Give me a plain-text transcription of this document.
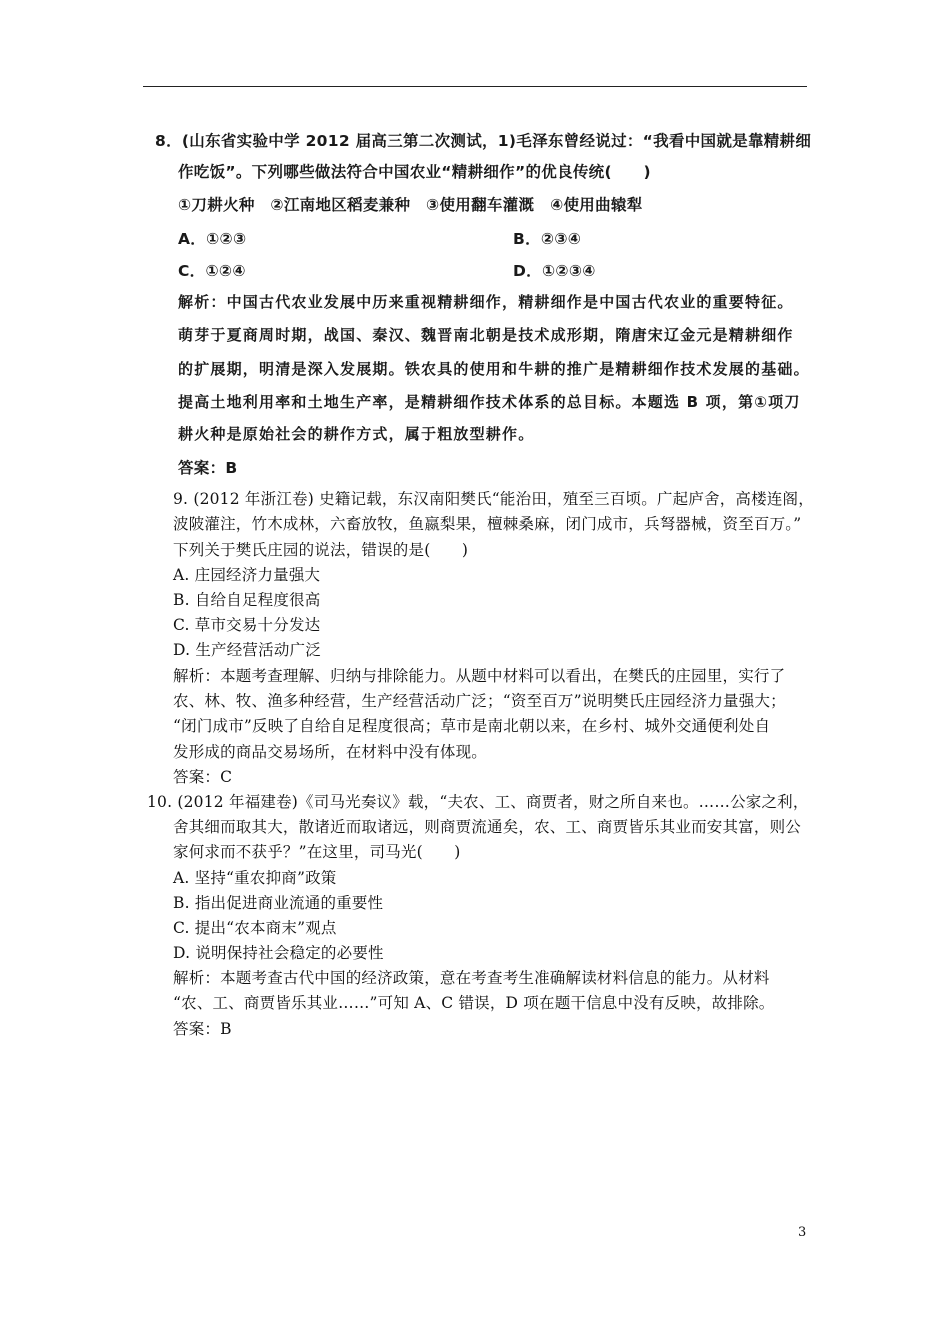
8．(山东省实验中学 2012 届高三第二次测试，1)毛泽东曾经说过：“我看中国就是靠精耕细
作吃饭”。下列哪些做法符合中国农业“精耕细作”的优良传统(　　)
①刀耕火种　②江南地区稻麦兼种　③使用翻车灌溉　④使用曲辕犁
A．①②③	B．②③④
C．①②④	D．①②③④
解析：中国古代农业发展中历来重视精耕细作，精耕细作是中国古代农业的重要特征。
萌芽于夏商周时期，战国、秦汉、魏晋南北朝是技术成形期，隋唐宋辽金元是精耕细作
的扩展期，明清是深入发展期。铁农具的使用和牛耕的推广是精耕细作技术发展的基础。
提高土地利用率和土地生产率，是精耕细作技术体系的总目标。本题选 B 项，第①项刀
耕火种是原始社会的耕作方式，属于粗放型耕作。
答案：B
9. (2012 年浙江卷) 史籍记载，东汉南阳樊氏“能治田，殖至三百顷。广起庐舍，高楼连阁，
波陂灌注，竹木成林，六畜放牧，鱼嬴梨果，檀棘桑麻，闭门成市，兵弩器械，资至百万。”
下列关于樊氏庄园的说法，错误的是(　　)
A. 庄园经济力量强大
B. 自给自足程度很高
C. 草市交易十分发达
D. 生产经营活动广泛
解析：本题考查理解、归纳与排除能力。从题中材料可以看出，在樊氏的庄园里，实行了
农、林、牧、渔多种经营，生产经营活动广泛；“资至百万”说明樊氏庄园经济力量强大；
“闭门成市”反映了自给自足程度很高；草市是南北朝以来，在乡村、城外交通便利处自
发形成的商品交易场所，在材料中没有体现。
答案：C
10. (2012 年福建卷)《司马光奏议》载，“夫农、工、商贾者，财之所自来也。……公家之利，
舍其细而取其大，散诸近而取诸远，则商贾流通矣，农、工、商贾皆乐其业而安其富，则公
家何求而不获乎？”在这里，司马光(　　)
A. 坚持“重农抑商”政策
B. 指出促进商业流通的重要性
C. 提出“农本商末”观点
D. 说明保持社会稳定的必要性
解析：本题考查古代中国的经济政策，意在考查考生准确解读材料信息的能力。从材料
“农、工、商贾皆乐其业……”可知 A、C 错误，D 项在题干信息中没有反映，故排除。
答案：B
3
